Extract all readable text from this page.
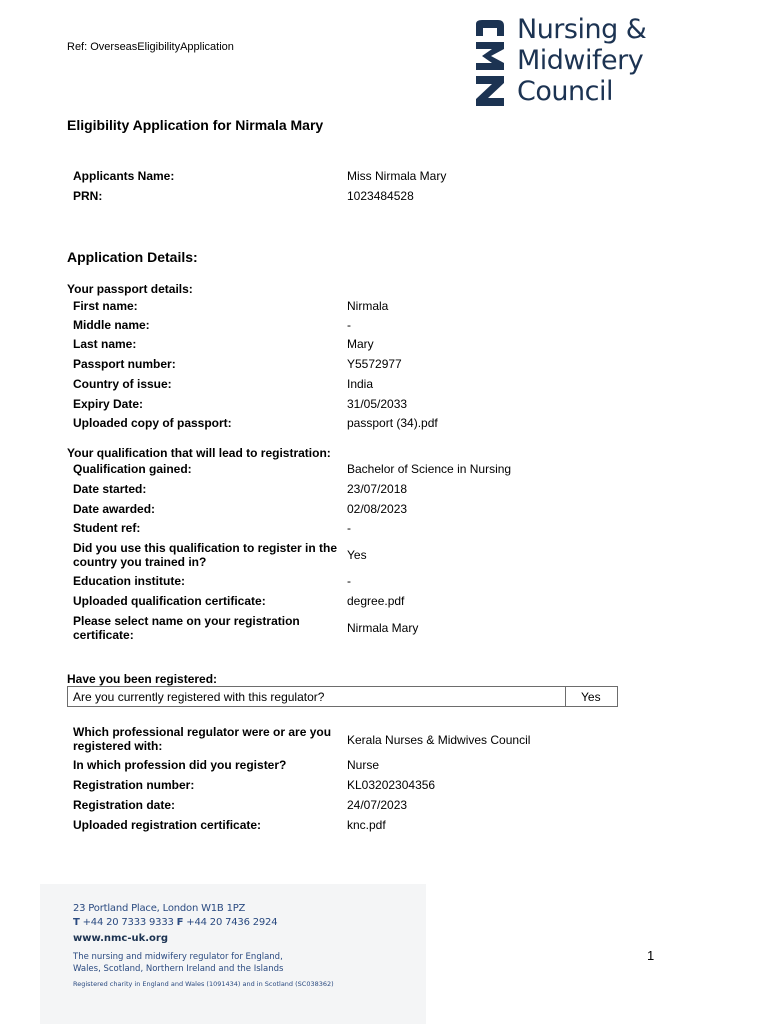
Ref: OverseasEligibilityApplication
Nursing &
Midwifery
Council
Eligibility Application for Nirmala Mary
Applicants Name:	Miss Nirmala Mary
PRN:	1023484528
Application Details:
Your passport details:
First name:	Nirmala
Middle name:	-
Last name:	Mary
Passport number:	Y5572977
Country of issue:	India
Expiry Date:	31/05/2033
Uploaded copy of passport:	passport (34).pdf
Your qualification that will lead to registration:
Qualification gained:	Bachelor of Science in Nursing
Date started:	23/07/2018
Date awarded:	02/08/2023
Student ref:	-
Did you use this qualification to register in the country you trained in?	Yes
Education institute:	-
Uploaded qualification certificate:	degree.pdf
Please select name on your registration certificate:	Nirmala Mary
Have you been registered:
Are you currently registered with this regulator?	Yes
Which professional regulator were or are you registered with:	Kerala Nurses & Midwives Council
In which profession did you register?	Nurse
Registration number:	KL03202304356
Registration date:	24/07/2023
Uploaded registration certificate:	knc.pdf
23 Portland Place, London W1B 1PZ
T +44 20 7333 9333 F +44 20 7436 2924
www.nmc-uk.org
The nursing and midwifery regulator for England,
Wales, Scotland, Northern Ireland and the Islands
Registered charity in England and Wales (1091434) and in Scotland (SC038362)
1
